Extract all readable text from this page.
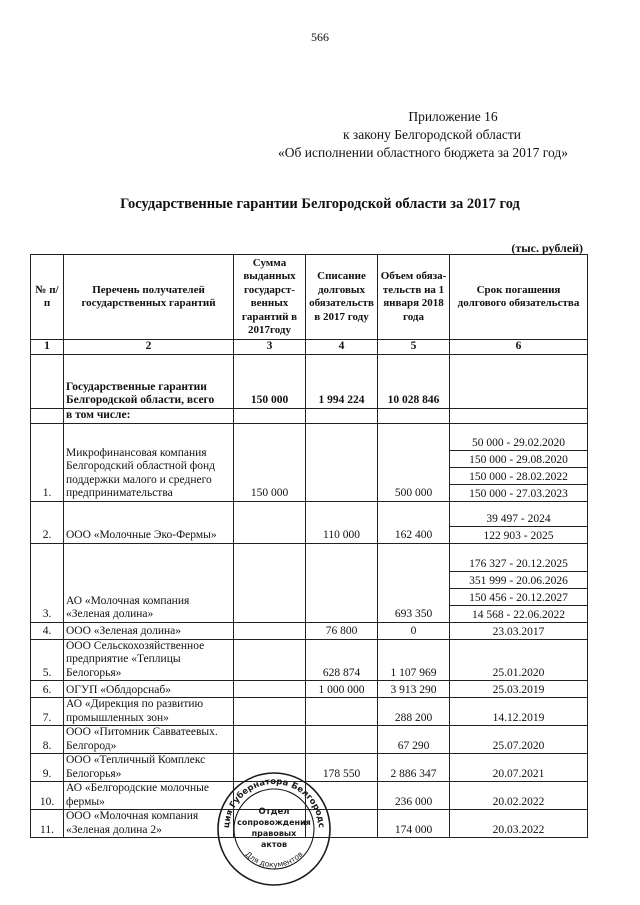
566
Приложение 16
к закону Белгородской области
«Об исполнении областного бюджета за 2017 год»
Государственные гарантии Белгородской области за 2017 год
(тыс. рублей)
№ п/п	Перечень получателей государственных гарантий	Сумма выданных государст-венных гарантий в 2017году	Списание долговых обязательств в 2017 году	Объем обяза-тельств на 1 января 2018 года	Срок погашения долгового обязательства
1	2	3	4	5	6
	Государственные гарантии Белгородской области, всего	150 000	1 994 224	10 028 846	
	в том числе:				
1.	Микрофинансовая компания Белгородский областной фонд поддержки малого и среднего предпринимательства	150 000		500 000	50 000 - 29.02.2020
150 000 - 29.08.2020
150 000 - 28.02.2022
150 000 - 27.03.2023

2.	ООО «Молочные Эко-Фермы»		110 000	162 400	39 497 - 2024
122 903 - 2025

3.	АО «Молочная компания «Зеленая долина»			693 350	176 327 - 20.12.2025
351 999 - 20.06.2026
150 456 - 20.12.2027
14 568 - 22.06.2022

4.	ООО «Зеленая долина»		76 800	0	23.03.2017

5.	ООО Сельскохозяйственное предприятие «Теплицы Белогорья»		628 874	1 107 969	25.01.2020

6.	ОГУП «Облдорснаб»		1 000 000	3 913 290	25.03.2019

7.	АО «Дирекция по развитию промышленных зон»			288 200	14.12.2019

8.	ООО «Питомник Савватеевых. Белгород»			67 290	25.07.2020

9.	ООО «Тепличный Комплекс Белогорья»		178 550	2 886 347	20.07.2021

10.	АО «Белгородские молочные фермы»			236 000	20.02.2022

11.	ООО «Молочная компания «Зеленая долина 2»			174 000	20.03.2022
ция Губернатора Белгородс
Для документов
Отдел
сопровождения
правовых
актов
